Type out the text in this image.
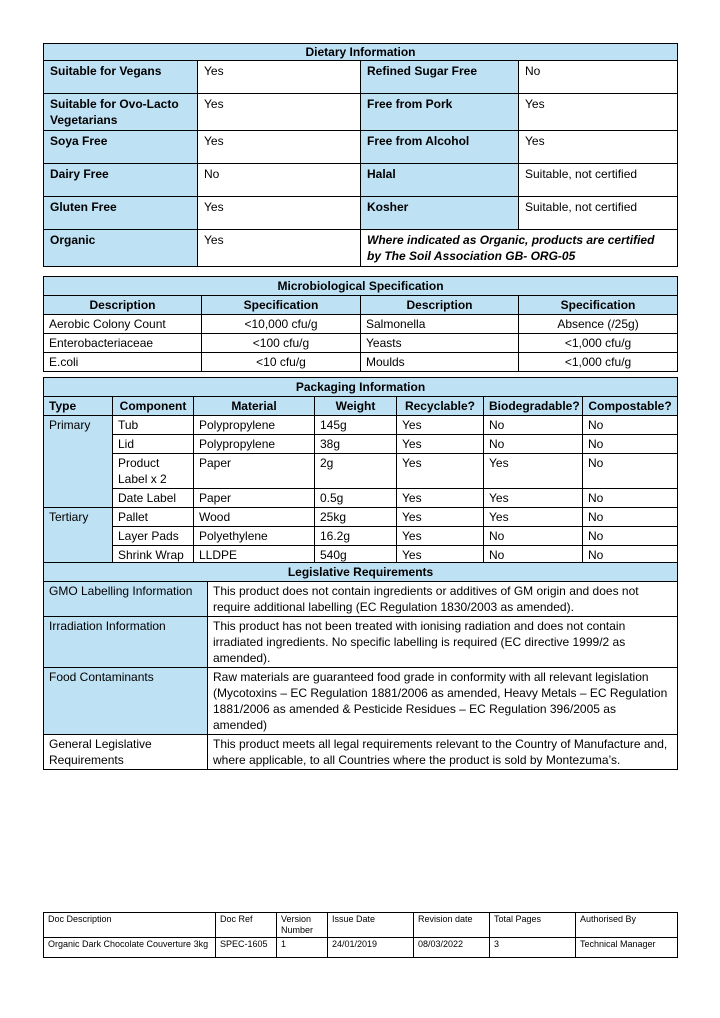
Dietary Information			
Suitable for Vegans	Yes	Refined Sugar Free	No
Suitable for Ovo-Lacto Vegetarians	Yes	Free from Pork	Yes
Soya Free	Yes	Free from Alcohol	Yes
Dairy Free	No	Halal	Suitable, not certified
Gluten Free	Yes	Kosher	Suitable, not certified
Organic	Yes	Where indicated as Organic, products are certified by The Soil Association GB- ORG-05	
Microbiological Specification			
Description	Specification	Description	Specification
Aerobic Colony Count	<10,000 cfu/g	Salmonella	Absence (/25g)
Enterobacteriaceae	<100 cfu/g	Yeasts	<1,000 cfu/g
E.coli	<10 cfu/g	Moulds	<1,000 cfu/g
Packaging Information						
Type	Component	Material	Weight	Recyclable?	Biodegradable?	Compostable?
Primary	Tub	Polypropylene	145g	Yes	No	No
	Lid	Polypropylene	38g	Yes	No	No
	Product Label x 2	Paper	2g	Yes	Yes	No
	Date Label	Paper	0.5g	Yes	Yes	No
Tertiary	Pallet	Wood	25kg	Yes	Yes	No
	Layer Pads	Polyethylene	16.2g	Yes	No	No
	Shrink Wrap	LLDPE	540g	Yes	No	No
Legislative Requirements	
GMO Labelling Information	This product does not contain ingredients or additives of GM origin and does not require additional labelling (EC Regulation 1830/2003 as amended).
Irradiation Information	This product has not been treated with ionising radiation and does not contain irradiated ingredients. No specific labelling is required (EC directive 1999/2 as amended).
Food Contaminants	Raw materials are guaranteed food grade in conformity with all relevant legislation (Mycotoxins – EC Regulation 1881/2006 as amended, Heavy Metals – EC Regulation 1881/2006 as amended & Pesticide Residues – EC Regulation 396/2005 as amended)
General Legislative Requirements	This product meets all legal requirements relevant to the Country of Manufacture and, where applicable, to all Countries where the product is sold by Montezuma’s.
Doc Description	Doc Ref	Version Number	Issue Date	Revision date	Total Pages	Authorised By
Organic Dark Chocolate Couverture 3kg	SPEC-1605	1	24/01/2019	08/03/2022	3	Technical Manager
